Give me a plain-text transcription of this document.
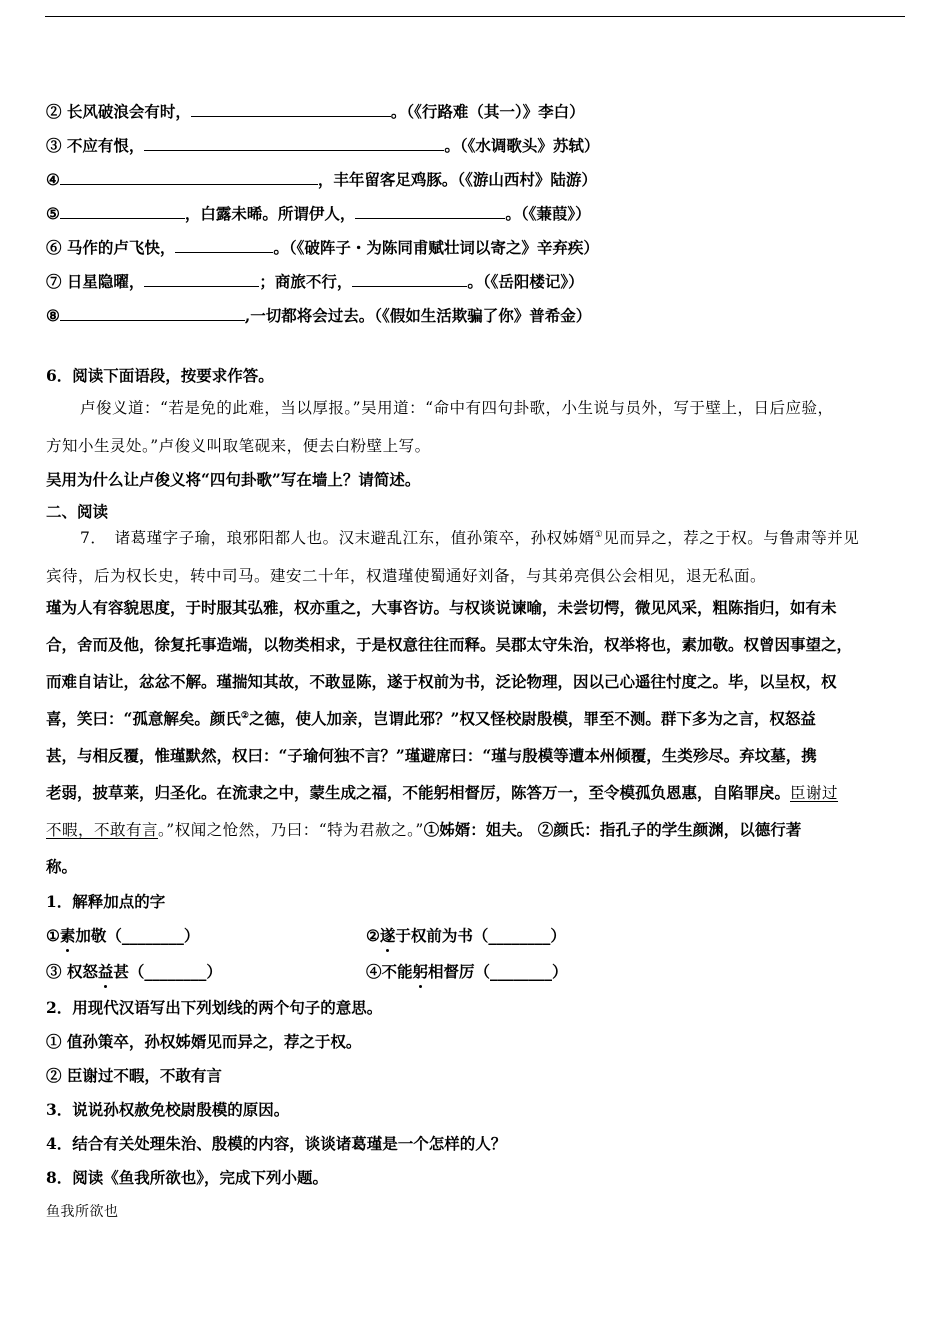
② 长风破浪会有时，	。（《行路难（其一）》李白）
③ 不应有恨，	。（《水调歌头》苏轼）
④	，丰年留客足鸡豚。（《游山西村》陆游）
⑤	，白露未晞。所谓伊人，	。（《蒹葭》）
⑥ 马作的卢飞快，	。（《破阵子・为陈同甫赋壮词以寄之》辛弃疾）
⑦ 日星隐曜，	；商旅不行，	。（《岳阳楼记》）
⑧	,一切都将会过去。（《假如生活欺骗了你》普希金）
6．阅读下面语段，按要求作答。
卢俊义道：“若是免的此难，当以厚报。”吴用道：“命中有四句卦歌，小生说与员外，写于壁上，日后应验，
方知小生灵处。”卢俊义叫取笔砚来，便去白粉壁上写。
吴用为什么让卢俊义将“四句卦歌”写在墙上？请简述。
二、阅读
7．　诸葛瑾字子瑜，琅邪阳都人也。汉末避乱江东，值孙策卒，孙权姊婿①见而异之，荐之于权。与鲁肃等并见
宾待，后为权长史，转中司马。建安二十年，权遣瑾使蜀通好刘备，与其弟亮俱公会相见，退无私面。
瑾为人有容貌思度，于时服其弘雅，权亦重之，大事咨访。与权谈说谏喻，未尝切愕，微见风采，粗陈指归，如有未
合，舍而及他，徐复托事造端，以物类相求，于是权意往往而释。吴郡太守朱治，权举将也，素加敬。权曾因事望之，
而难自诘让，忿忿不解。瑾揣知其故，不敢显陈，遂于权前为书，泛论物理，因以己心遥往忖度之。毕，以呈权，权
喜，笑曰：“孤意解矣。颜氏②之德，使人加亲，岂谓此邪？”权又怪校尉殷模，罪至不测。群下多为之言，权怒益
甚，与相反覆，惟瑾默然，权曰：“子瑜何独不言？”瑾避席曰：“瑾与殷模等遭本州倾覆，生类殄尽。弃坟墓，携
老弱，披草莱，归圣化。在流隶之中，蒙生成之福，不能躬相督厉，陈答万一，至令模孤负恩惠，自陷罪戾。臣谢过
不暇，不敢有言。”权闻之怆然，乃曰：“特为君赦之。”①姊婿：姐夫。 ②颜氏：指孔子的学生颜渊，以德行著
称。
1．解释加点的字
①素加敬（________）	②遂于权前为书（________）
③ 权怒益甚（________）	④不能躬相督厉（________）
2．用现代汉语写出下列划线的两个句子的意思。
① 值孙策卒，孙权姊婿见而异之，荐之于权。
② 臣谢过不暇，不敢有言
3．说说孙权赦免校尉殷模的原因。
4．结合有关处理朱治、殷模的内容，谈谈诸葛瑾是一个怎样的人？
8．阅读《鱼我所欲也》，完成下列小题。
鱼我所欲也
